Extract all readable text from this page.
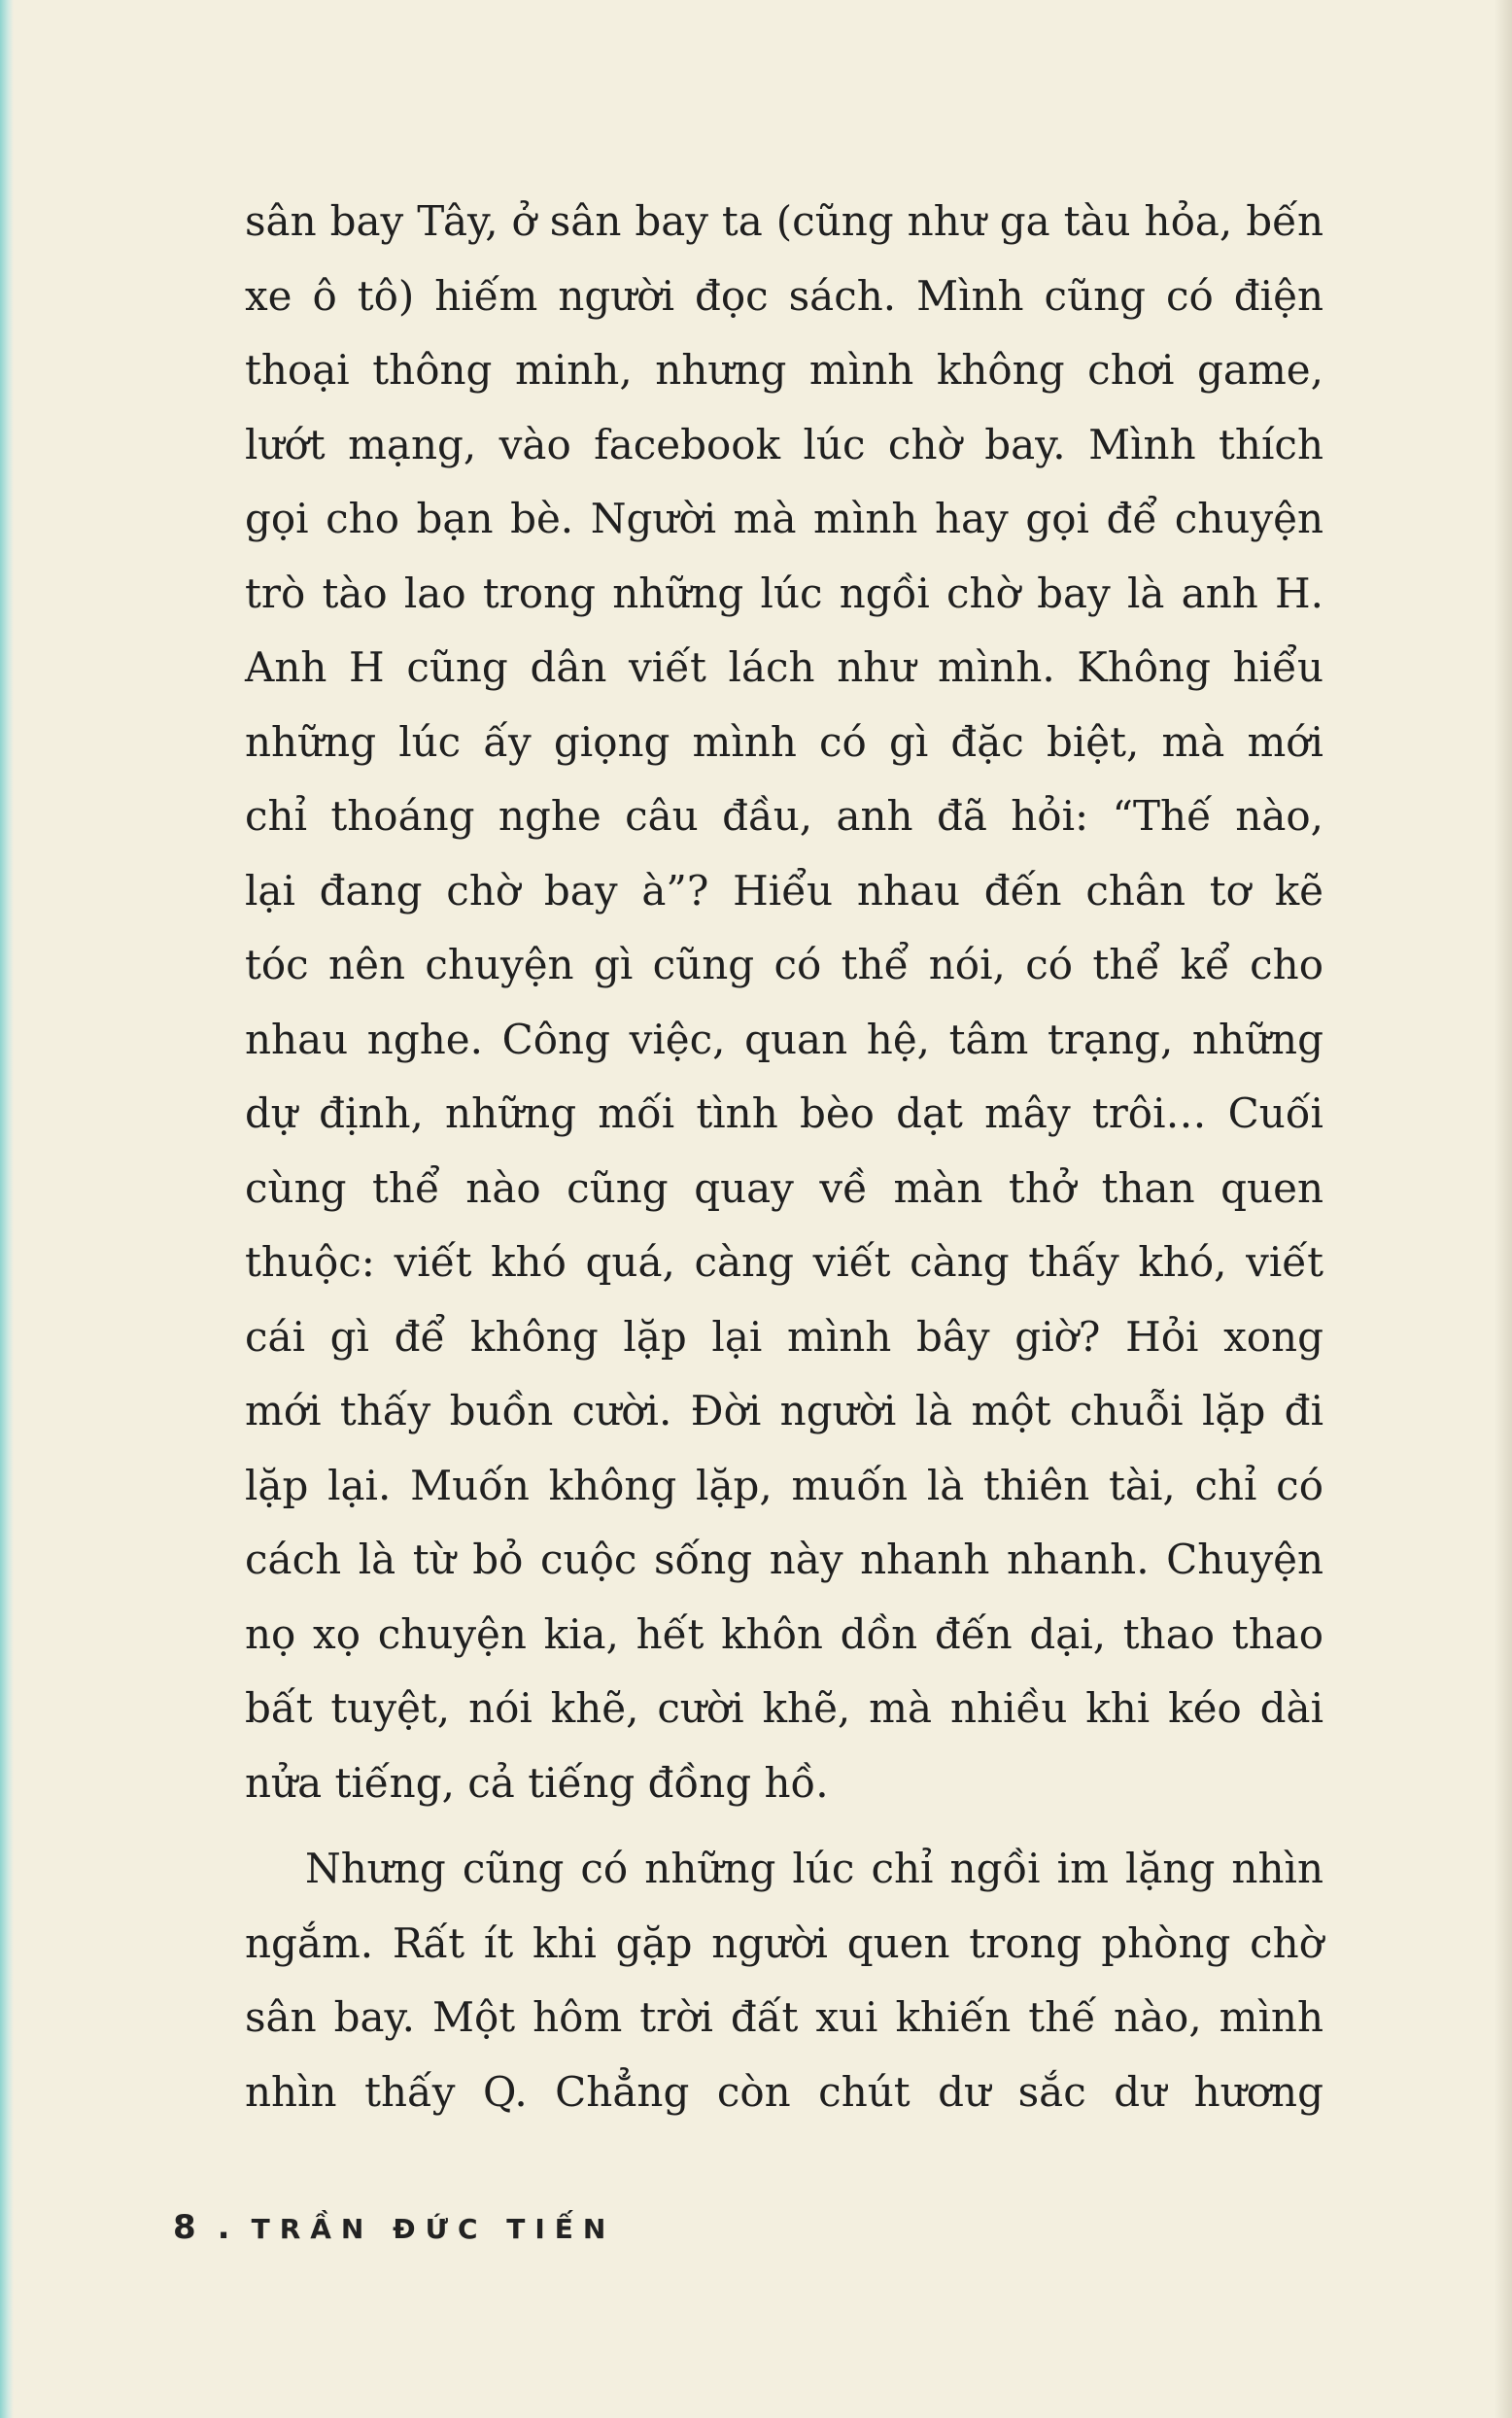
sân bay Tây, ở sân bay ta (cũng như ga tàu hỏa, bến
xe ô tô) hiếm người đọc sách. Mình cũng có điện
thoại thông minh, nhưng mình không chơi game,
lướt mạng, vào facebook lúc chờ bay. Mình thích
gọi cho bạn bè. Người mà mình hay gọi để chuyện
trò tào lao trong những lúc ngồi chờ bay là anh H.
Anh H cũng dân viết lách như mình. Không hiểu
những lúc ấy giọng mình có gì đặc biệt, mà mới
chỉ thoáng nghe câu đầu, anh đã hỏi: “Thế nào,
lại đang chờ bay à”? Hiểu nhau đến chân tơ kẽ
tóc nên chuyện gì cũng có thể nói, có thể kể cho
nhau nghe. Công việc, quan hệ, tâm trạng, những
dự định, những mối tình bèo dạt mây trôi… Cuối
cùng thể nào cũng quay về màn thở than quen
thuộc: viết khó quá, càng viết càng thấy khó, viết
cái gì để không lặp lại mình bây giờ? Hỏi xong
mới thấy buồn cười. Đời người là một chuỗi lặp đi
lặp lại. Muốn không lặp, muốn là thiên tài, chỉ có
cách là từ bỏ cuộc sống này nhanh nhanh. Chuyện
nọ xọ chuyện kia, hết khôn dồn đến dại, thao thao
bất tuyệt, nói khẽ, cười khẽ, mà nhiều khi kéo dài
nửa tiếng, cả tiếng đồng hồ.
Nhưng cũng có những lúc chỉ ngồi im lặng nhìn
ngắm. Rất ít khi gặp người quen trong phòng chờ
sân bay. Một hôm trời đất xui khiến thế nào, mình
nhìn thấy Q. Chẳng còn chút dư sắc dư hương
8 . TRẦN ĐỨC TIẾN
